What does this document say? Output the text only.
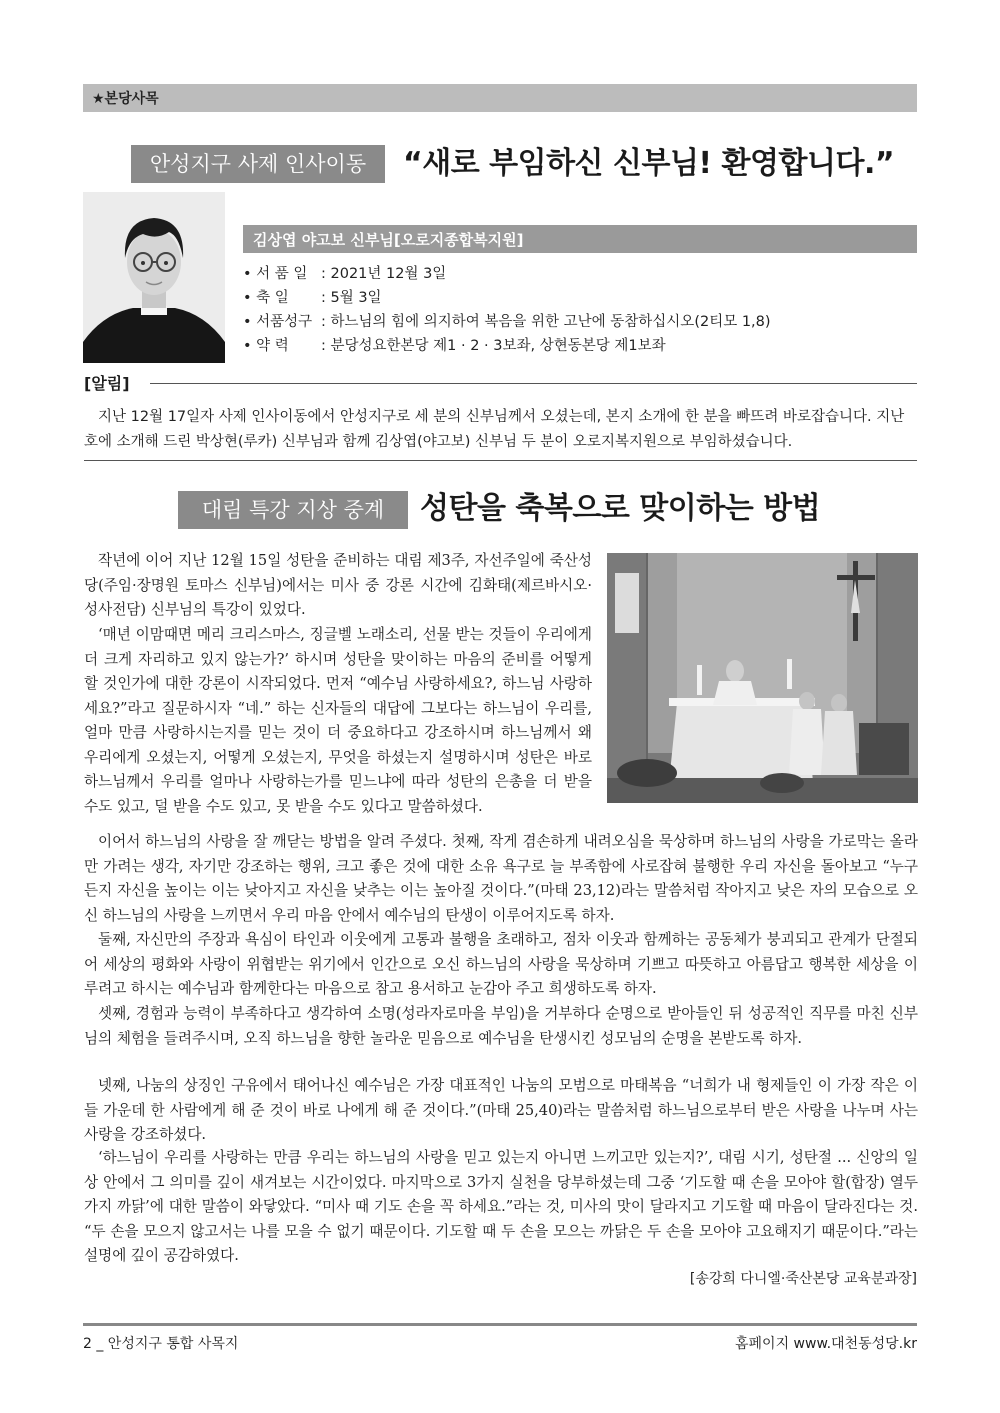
★본당사목
안성지구 사제 인사이동	“새로 부임하신 신부님! 환영합니다.”
김상엽 야고보 신부님[오로지종합복지원]
• 서 품 일 : 2021년 12월 3일
• 축 일 : 5월 3일
• 서품성구 : 하느님의 힘에 의지하여 복음을 위한 고난에 동참하십시오(2티모 1,8)
• 약 력 : 분당성요한본당 제1 · 2 · 3보좌, 상현동본당 제1보좌
[알림]
지난 12월 17일자 사제 인사이동에서 안성지구로 세 분의 신부님께서 오셨는데, 본지 소개에 한 분을 빠뜨려 바로잡습니다. 지난 호에 소개해 드린 박상현(루카) 신부님과 함께 김상엽(야고보) 신부님 두 분이 오로지복지원으로 부임하셨습니다.
대림 특강 지상 중계	성탄을 축복으로 맞이하는 방법

작년에 이어 지난 12월 15일 성탄을 준비하는 대림 제3주, 자선주일에 죽산성당(주임·장명원 토마스 신부님)에서는 미사 중 강론 시간에 김화태(제르바시오·성사전담) 신부님의 특강이 있었다.

‘매년 이맘때면 메리 크리스마스, 징글벨 노래소리, 선물 받는 것들이 우리에게 더 크게 자리하고 있지 않는가?’ 하시며 성탄을 맞이하는 마음의 준비를 어떻게 할 것인가에 대한 강론이 시작되었다. 먼저 “예수님 사랑하세요?, 하느님 사랑하세요?”라고 질문하시자 “네.” 하는 신자들의 대답에 그보다는 하느님이 우리를, 얼마 만큼 사랑하시는지를 믿는 것이 더 중요하다고 강조하시며 하느님께서 왜 우리에게 오셨는지, 어떻게 오셨는지, 무엇을 하셨는지 설명하시며 성탄은 바로 하느님께서 우리를 얼마나 사랑하는가를 믿느냐에 따라 성탄의 은총을 더 받을 수도 있고, 덜 받을 수도 있고, 못 받을 수도 있다고 말씀하셨다.

이어서 하느님의 사랑을 잘 깨닫는 방법을 알려 주셨다. 첫째, 작게 겸손하게 내려오심을 묵상하며 하느님의 사랑을 가로막는 올라만 가려는 생각, 자기만 강조하는 행위, 크고 좋은 것에 대한 소유 욕구로 늘 부족함에 사로잡혀 불행한 우리 자신을 돌아보고 “누구든지 자신을 높이는 이는 낮아지고 자신을 낮추는 이는 높아질 것이다.”(마태 23,12)라는 말씀처럼 작아지고 낮은 자의 모습으로 오신 하느님의 사랑을 느끼면서 우리 마음 안에서 예수님의 탄생이 이루어지도록 하자.

둘째, 자신만의 주장과 욕심이 타인과 이웃에게 고통과 불행을 초래하고, 점차 이웃과 함께하는 공동체가 붕괴되고 관계가 단절되어 세상의 평화와 사랑이 위협받는 위기에서 인간으로 오신 하느님의 사랑을 묵상하며 기쁘고 따뜻하고 아름답고 행복한 세상을 이루려고 하시는 예수님과 함께한다는 마음으로 참고 용서하고 눈감아 주고 희생하도록 하자.

셋째, 경험과 능력이 부족하다고 생각하여 소명(성라자로마을 부임)을 거부하다 순명으로 받아들인 뒤 성공적인 직무를 마친 신부님의 체험을 들려주시며, 오직 하느님을 향한 놀라운 믿음으로 예수님을 탄생시킨 성모님의 순명을 본받도록 하자.

넷째, 나눔의 상징인 구유에서 태어나신 예수님은 가장 대표적인 나눔의 모범으로 마태복음 “너희가 내 형제들인 이 가장 작은 이들 가운데 한 사람에게 해 준 것이 바로 나에게 해 준 것이다.”(마태 25,40)라는 말씀처럼 하느님으로부터 받은 사랑을 나누며 사는 사랑을 강조하셨다.

‘하느님이 우리를 사랑하는 만큼 우리는 하느님의 사랑을 믿고 있는지 아니면 느끼고만 있는지?’, 대림 시기, 성탄절 ... 신앙의 일상 안에서 그 의미를 깊이 새겨보는 시간이었다. 마지막으로 3가지 실천을 당부하셨는데 그중 ‘기도할 때 손을 모아야 할(합장) 열두 가지 까닭’에 대한 말씀이 와닿았다. “미사 때 기도 손을 꼭 하세요.”라는 것, 미사의 맛이 달라지고 기도할 때 마음이 달라진다는 것. “두 손을 모으지 않고서는 나를 모을 수 없기 때문이다. 기도할 때 두 손을 모으는 까닭은 두 손을 모아야 고요해지기 때문이다.”라는 설명에 깊이 공감하였다.

[송강희 다니엘·죽산본당 교육분과장]
2 _ 안성지구 통합 사목지	홈페이지 www.대천동성당.kr
